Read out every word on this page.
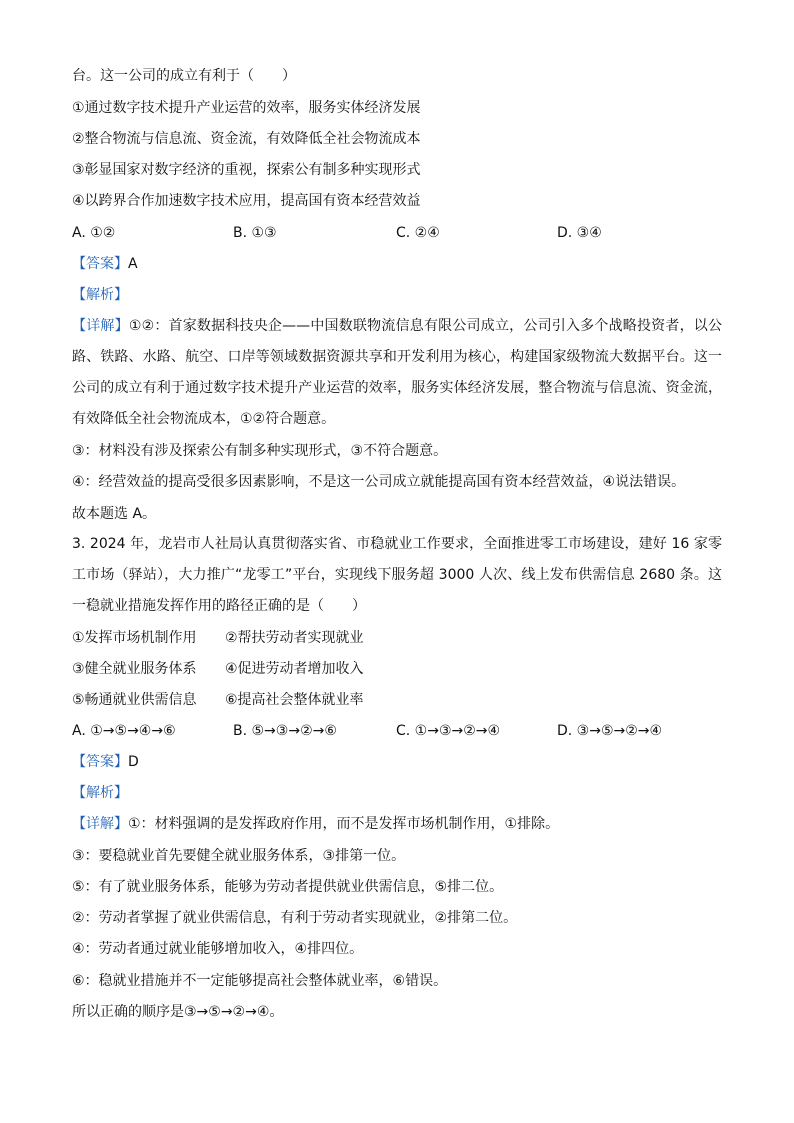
台。这一公司的成立有利于（　　）
①通过数字技术提升产业运营的效率，服务实体经济发展
②整合物流与信息流、资金流，有效降低全社会物流成本
③彰显国家对数字经济的重视，探索公有制多种实现形式
④以跨界合作加速数字技术应用，提高国有资本经营效益
A. ①②	B. ①③	C. ②④	D. ③④
【答案】A
【解析】
【详解】①②：首家数据科技央企——中国数联物流信息有限公司成立，公司引入多个战略投资者，以公路、铁路、水路、航空、口岸等领域数据资源共享和开发利用为核心，构建国家级物流大数据平台。这一公司的成立有利于通过数字技术提升产业运营的效率，服务实体经济发展，整合物流与信息流、资金流，有效降低全社会物流成本，①②符合题意。
③：材料没有涉及探索公有制多种实现形式，③不符合题意。
④：经营效益的提高受很多因素影响，不是这一公司成立就能提高国有资本经营效益，④说法错误。
故本题选 A。
3. 2024 年，龙岩市人社局认真贯彻落实省、市稳就业工作要求，全面推进零工市场建设，建好 16 家零工市场（驿站），大力推广“龙零工”平台，实现线下服务超 3000 人次、线上发布供需信息 2680 条。这一稳就业措施发挥作用的路径正确的是（　　）
①发挥市场机制作用 ②帮扶劳动者实现就业
③健全就业服务体系 ④促进劳动者增加收入
⑤畅通就业供需信息 ⑥提高社会整体就业率
A. ①→⑤→④→⑥	B. ⑤→③→②→⑥	C. ①→③→②→④	D. ③→⑤→②→④
【答案】D
【解析】
【详解】①：材料强调的是发挥政府作用，而不是发挥市场机制作用，①排除。
③：要稳就业首先要健全就业服务体系，③排第一位。
⑤：有了就业服务体系，能够为劳动者提供就业供需信息，⑤排二位。
②：劳动者掌握了就业供需信息，有利于劳动者实现就业，②排第二位。
④：劳动者通过就业能够增加收入，④排四位。
⑥：稳就业措施并不一定能够提高社会整体就业率，⑥错误。
所以正确的顺序是③→⑤→②→④。
